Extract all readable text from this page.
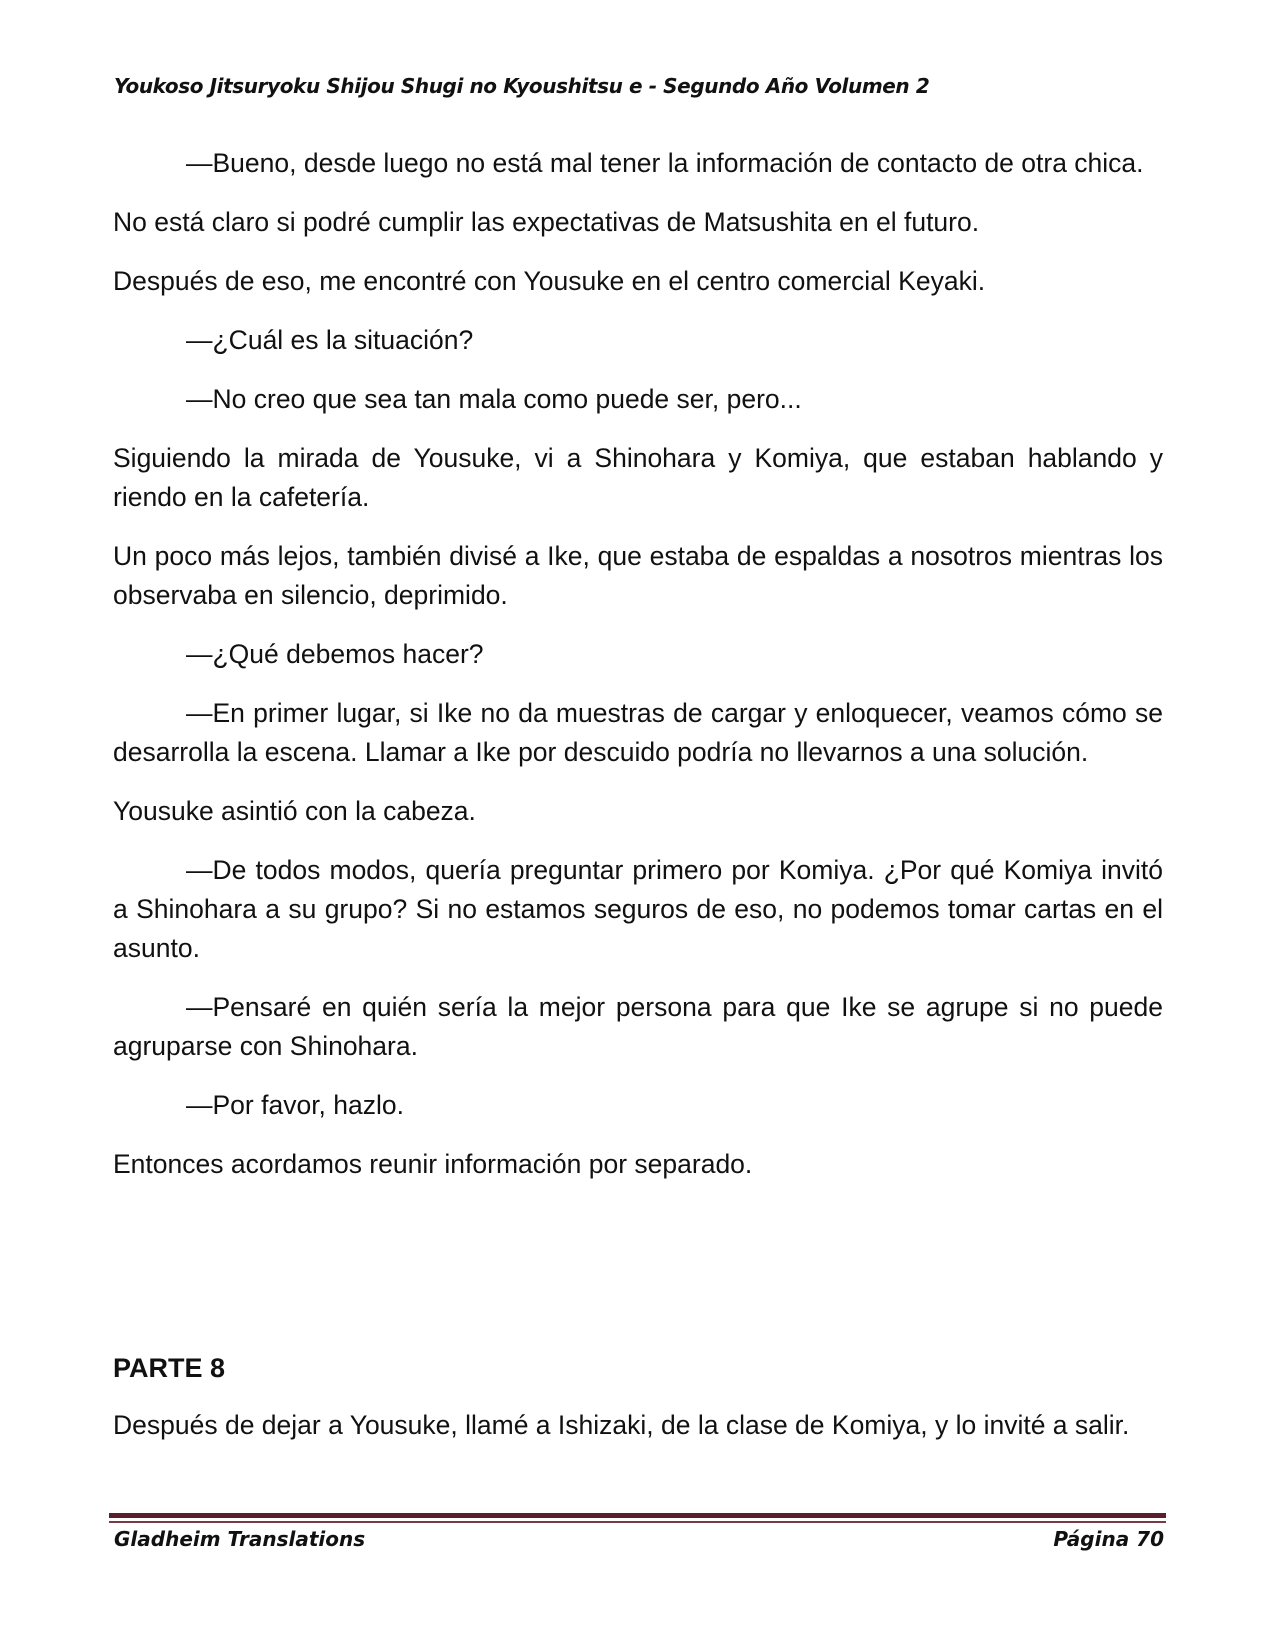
Youkoso Jitsuryoku Shijou Shugi no Kyoushitsu e - Segundo Año Volumen 2

—Bueno, desde luego no está mal tener la información de contacto de otra chica.

No está claro si podré cumplir las expectativas de Matsushita en el futuro.

Después de eso, me encontré con Yousuke en el centro comercial Keyaki.

—¿Cuál es la situación?

—No creo que sea tan mala como puede ser, pero...

Siguiendo la mirada de Yousuke, vi a Shinohara y Komiya, que estaban hablando y riendo en la cafetería.

Un poco más lejos, también divisé a Ike, que estaba de espaldas a nosotros mientras los observaba en silencio, deprimido.

—¿Qué debemos hacer?

—En primer lugar, si Ike no da muestras de cargar y enloquecer, veamos cómo se desarrolla la escena. Llamar a Ike por descuido podría no llevarnos a una solución.

Yousuke asintió con la cabeza.

—De todos modos, quería preguntar primero por Komiya. ¿Por qué Komiya invitó a Shinohara a su grupo? Si no estamos seguros de eso, no podemos tomar cartas en el asunto.

—Pensaré en quién sería la mejor persona para que Ike se agrupe si no puede agruparse con Shinohara.

—Por favor, hazlo.

Entonces acordamos reunir información por separado.

PARTE 8

Después de dejar a Yousuke, llamé a Ishizaki, de la clase de Komiya, y lo invité a salir.

Gladheim Translations	Página 70
